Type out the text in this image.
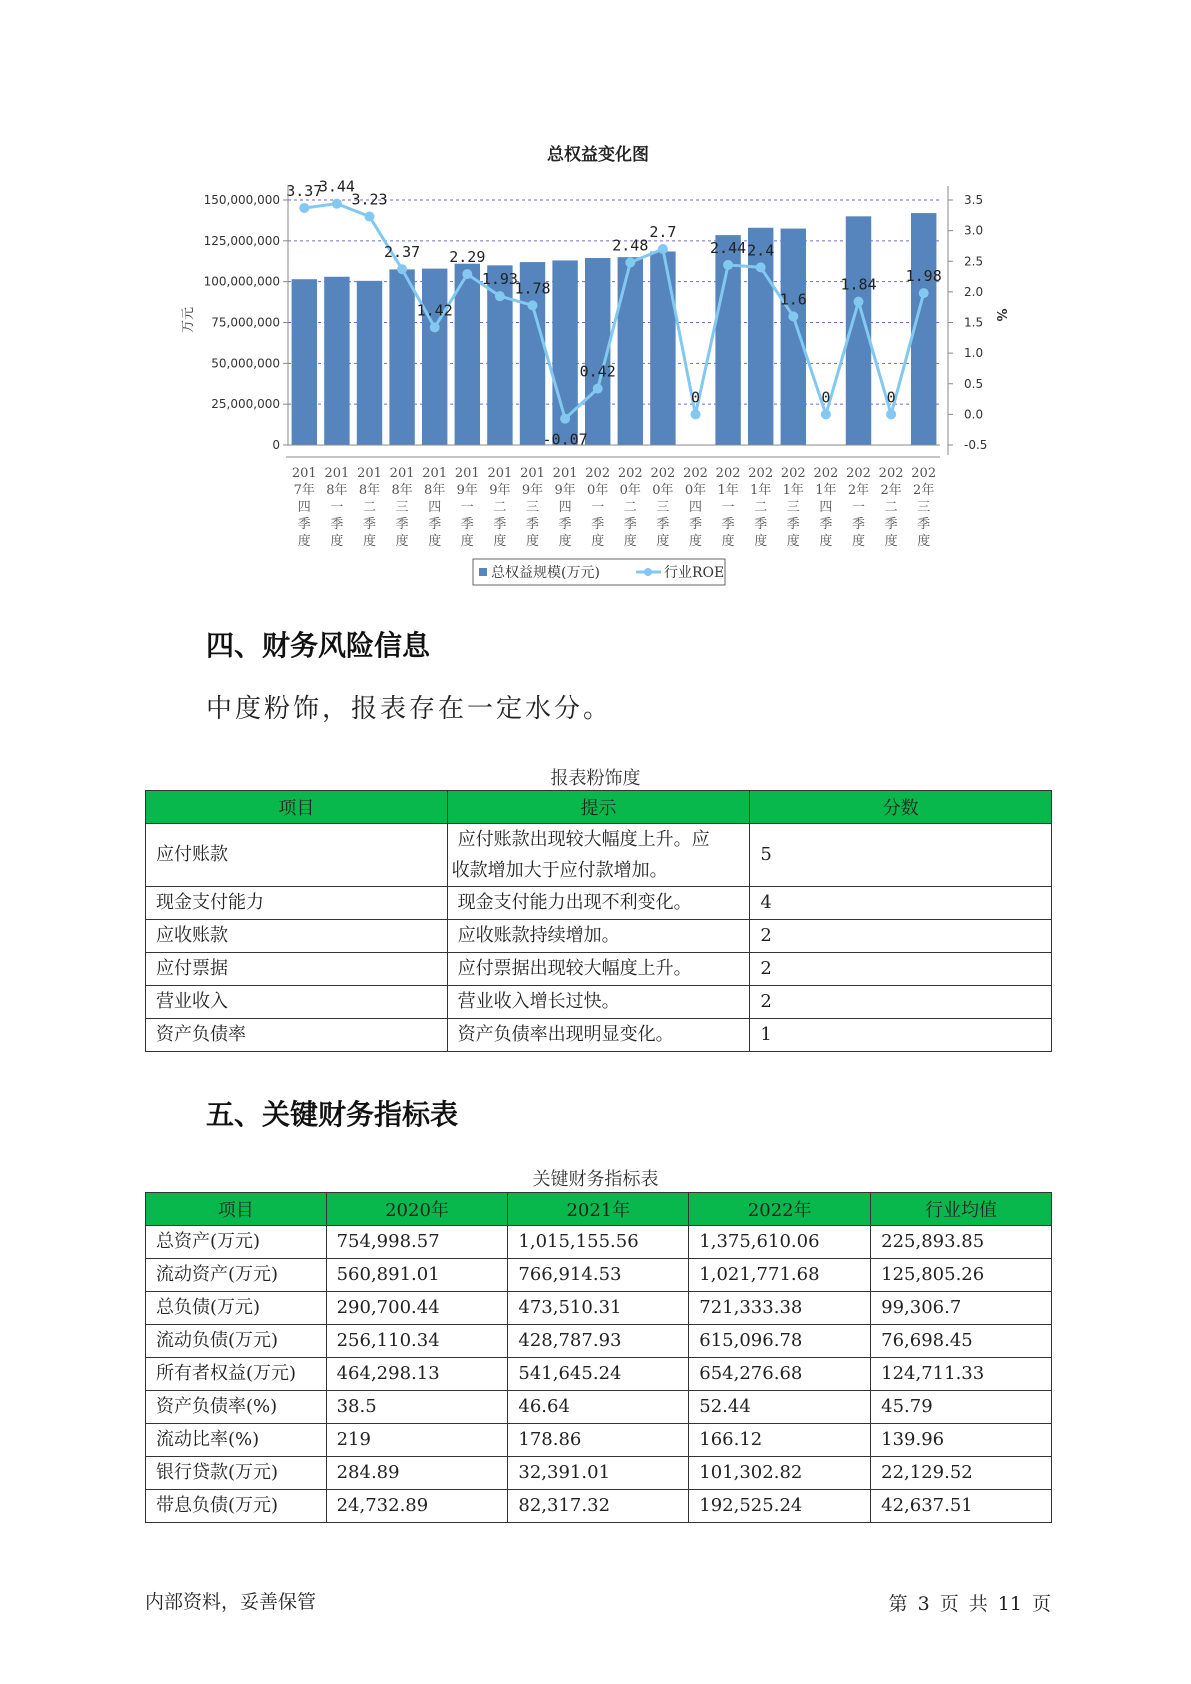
总权益变化图
3.37
3.44
3.23
2.37
1.42
2.29
1.93
1.78
-0.07
0.42
2.48
2.7
0
2.44 2.4
1.6
0
1.84
0
1.98
0
25,000,000
50,000,000
75,000,000
100,000,000
125,000,000
150,000,000
-0.5
0.0
0.5
1.0
1.5
2.0
2.5
3.0
3.5
万元	%
201
7年
四
季
度
201
8年
一
季
度
201
8年
二
季
度
201
8年
三
季
度
201
8年
四
季
度
201
9年
一
季
度
201
9年
二
季
度
201
9年
三
季
度
201
9年
四
季
度
202
0年
一
季
度
202
0年
二
季
度
202
0年
三
季
度
202
0年
四
季
度
202
1年
一
季
度
202
1年
二
季
度
202
1年
三
季
度
202
1年
四
季
度
202
2年
一
季
度
202
2年
二
季
度
202
2年
三
季
度
总权益规模(万元)	行业ROE
四、财务风险信息

中度粉饰，报表存在一定水分。

报表粉饰度
项目	提示	分数
应付账款	应付账款出现较大幅度上升。应
收款增加大于应付款增加。	5
现金支付能力	现金支付能力出现不利变化。	4
应收账款	应收账款持续增加。	2
应付票据	应付票据出现较大幅度上升。	2
营业收入	营业收入增长过快。	2
资产负债率	资产负债率出现明显变化。	1
五、关键财务指标表
关键财务指标表
项目	2020年	2021年	2022年	行业均值
总资产(万元)	754,998.57	1,015,155.56	1,375,610.06	225,893.85
流动资产(万元)	560,891.01	766,914.53	1,021,771.68	125,805.26
总负债(万元)	290,700.44	473,510.31	721,333.38	99,306.7
流动负债(万元)	256,110.34	428,787.93	615,096.78	76,698.45
所有者权益(万元)	464,298.13	541,645.24	654,276.68	124,711.33
资产负债率(%)	38.5	46.64	52.44	45.79
流动比率(%)	219	178.86	166.12	139.96
银行贷款(万元)	284.89	32,391.01	101,302.82	22,129.52
带息负债(万元)	24,732.89	82,317.32	192,525.24	42,637.51
内部资料，妥善保管	第 3 页 共 11 页
